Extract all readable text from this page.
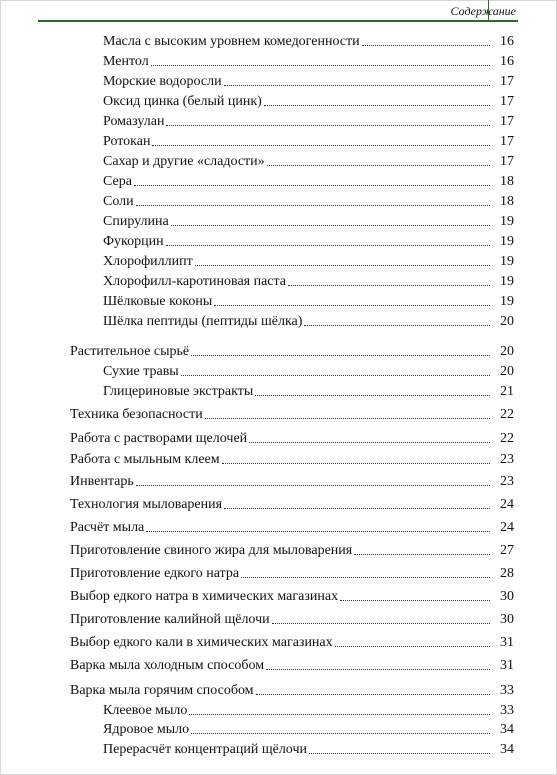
Содержание
Масла с высоким уровнем комедогенности	16
Ментол	16
Морские водоросли	17
Оксид цинка (белый цинк)	17
Ромазулан	17
Ротокан	17
Сахар и другие «сладости»	17
Сера	18
Соли	18
Спирулина	19
Фукорцин	19
Хлорофиллипт	19
Хлорофилл-каротиновая паста	19
Шёлковые коконы	19
Шёлка пептиды (пептиды шёлка)	20
Растительное сырьё	20
Сухие травы	20
Глицериновые экстракты	21
Техника безопасности	22
Работа с растворами щелочей	22
Работа с мыльным клеем	23
Инвентарь	23
Технология мыловарения	24
Расчёт мыла	24
Приготовление свиного жира для мыловарения	27
Приготовление едкого натра	28
Выбор едкого натра в химических магазинах	30
Приготовление калийной щёлочи	30
Выбор едкого кали в химических магазинах	31
Варка мыла холодным способом	31
Варка мыла горячим способом	33
Клеевое мыло	33
Ядровое мыло	34
Перерасчёт концентраций щёлочи	34
